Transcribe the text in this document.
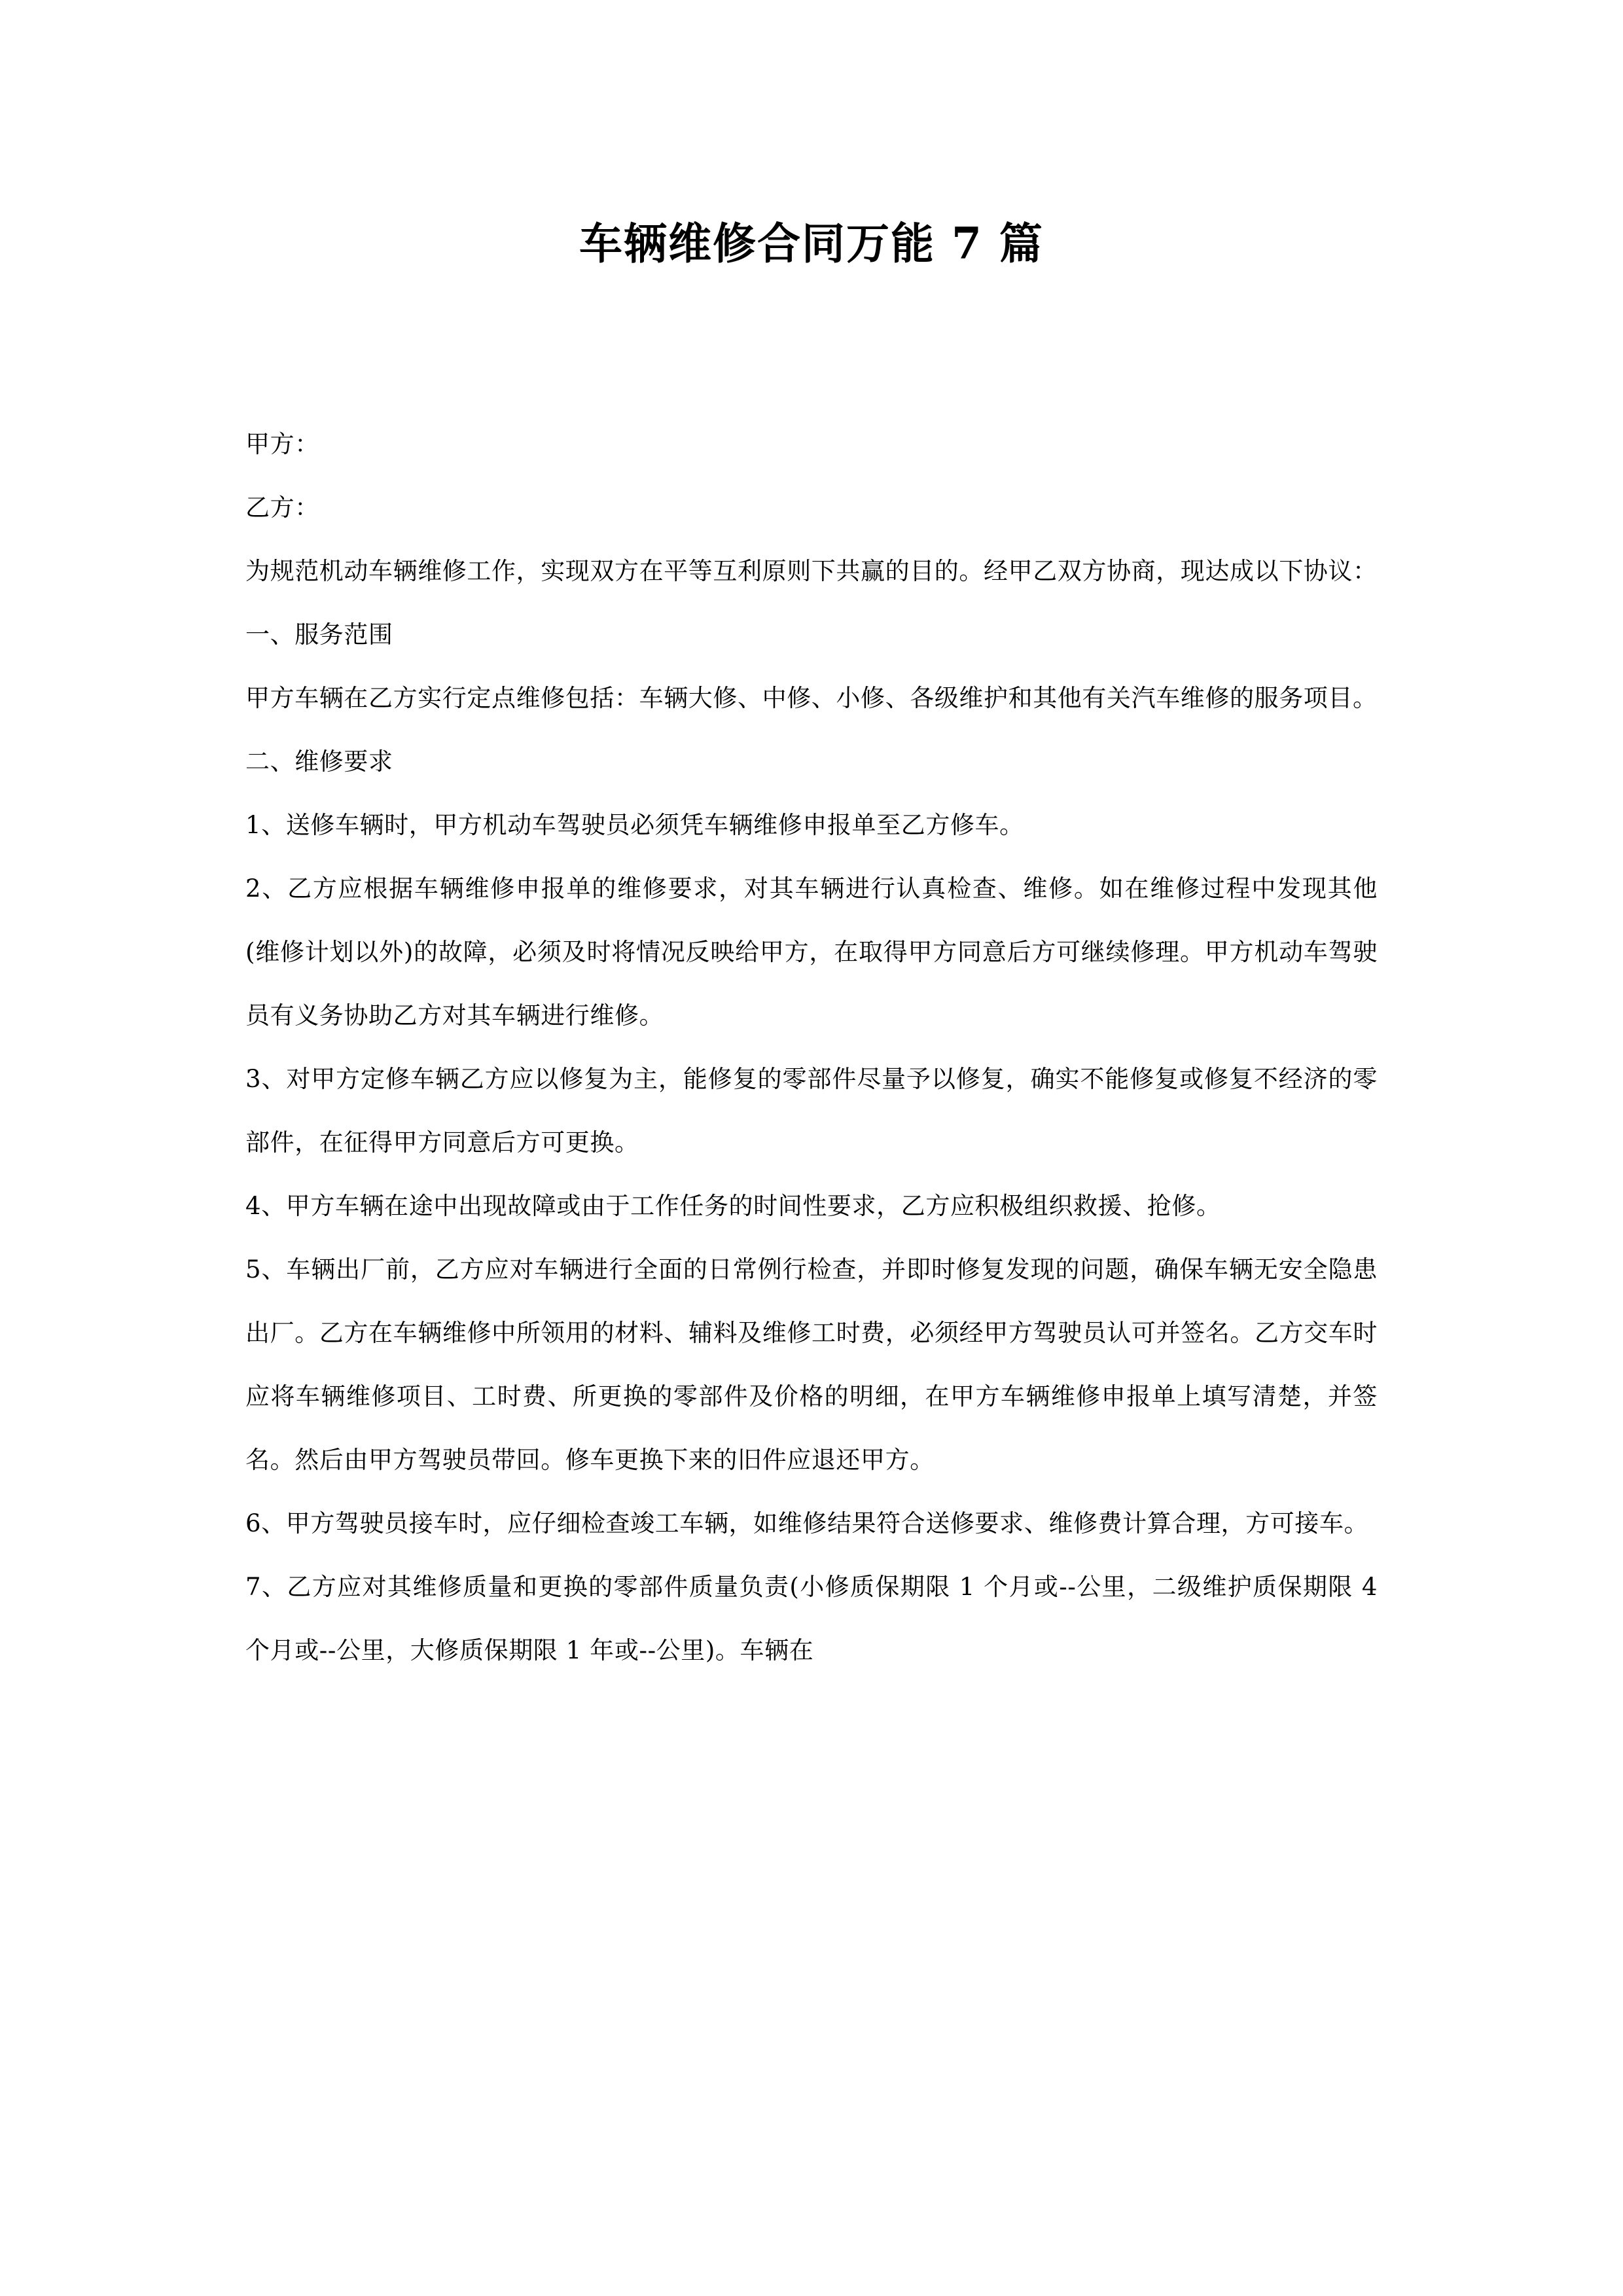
车辆维修合同万能 7 篇

甲方：

乙方：

为规范机动车辆维修工作，实现双方在平等互利原则下共赢的目的。经甲乙双方协商，现达成以下协议：

一、服务范围

甲方车辆在乙方实行定点维修包括：车辆大修、中修、小修、各级维护和其他有关汽车维修的服务项目。

二、维修要求

1、送修车辆时，甲方机动车驾驶员必须凭车辆维修申报单至乙方修车。

2、乙方应根据车辆维修申报单的维修要求，对其车辆进行认真检查、维修。如在维修过程中发现其他(维修计划以外)的故障，必须及时将情况反映给甲方，在取得甲方同意后方可继续修理。甲方机动车驾驶员有义务协助乙方对其车辆进行维修。

3、对甲方定修车辆乙方应以修复为主，能修复的零部件尽量予以修复，确实不能修复或修复不经济的零部件，在征得甲方同意后方可更换。

4、甲方车辆在途中出现故障或由于工作任务的时间性要求，乙方应积极组织救援、抢修。

5、车辆出厂前，乙方应对车辆进行全面的日常例行检查，并即时修复发现的问题，确保车辆无安全隐患出厂。乙方在车辆维修中所领用的材料、辅料及维修工时费，必须经甲方驾驶员认可并签名。乙方交车时应将车辆维修项目、工时费、所更换的零部件及价格的明细，在甲方车辆维修申报单上填写清楚，并签名。然后由甲方驾驶员带回。修车更换下来的旧件应退还甲方。

6、甲方驾驶员接车时，应仔细检查竣工车辆，如维修结果符合送修要求、维修费计算合理，方可接车。

7、乙方应对其维修质量和更换的零部件质量负责(小修质保期限 1 个月或--公里，二级维护质保期限 4 个月或--公里，大修质保期限 1 年或--公里)。车辆在
